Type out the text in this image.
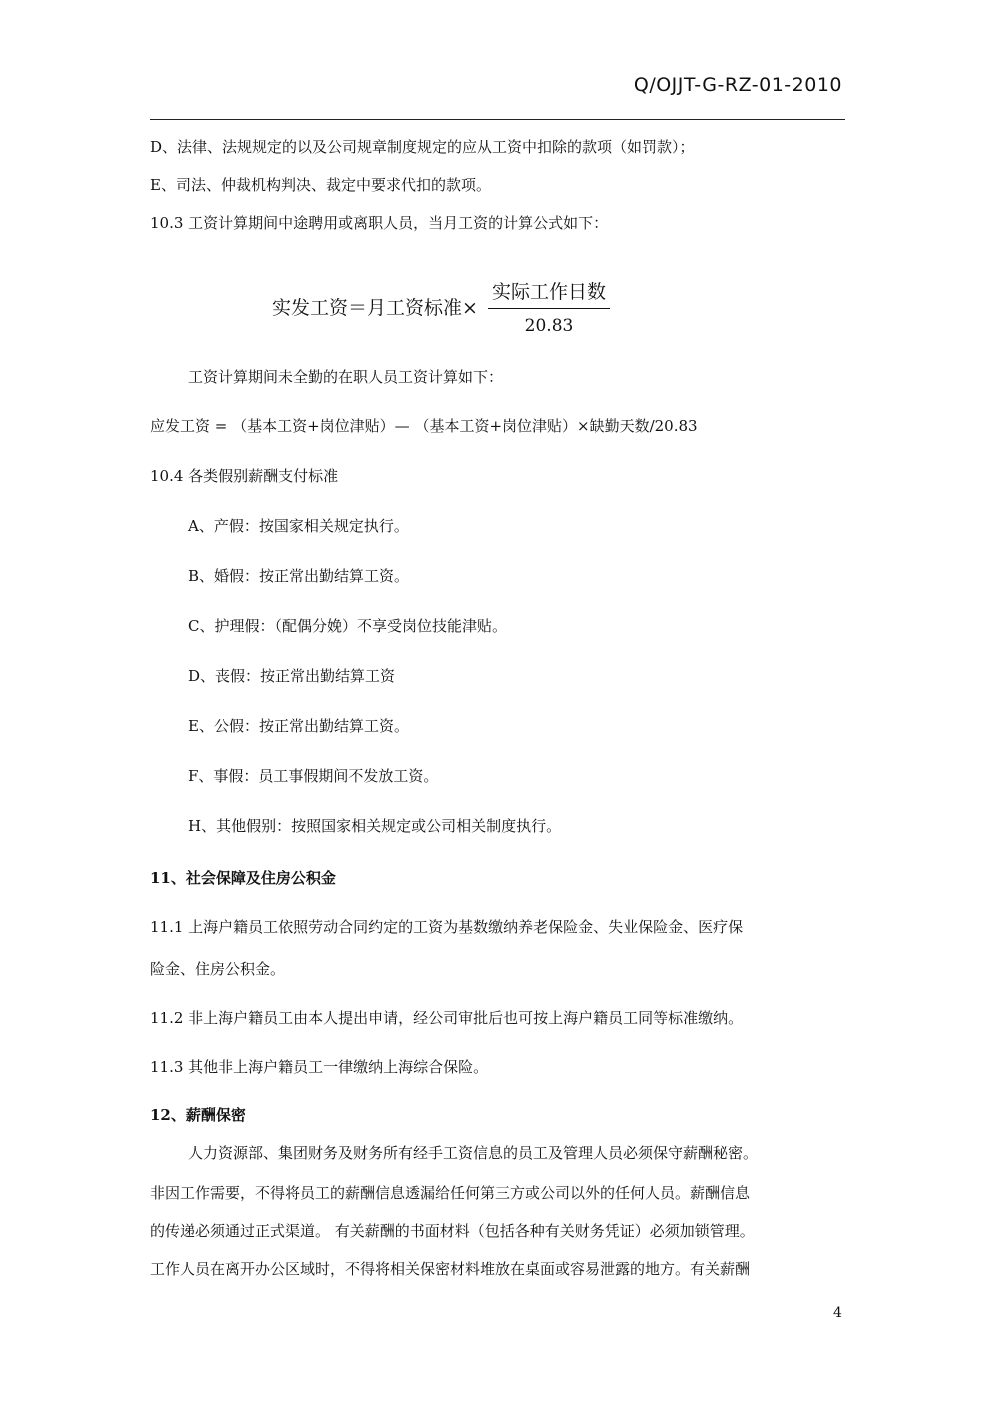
Q/OJJT-G-RZ-01-2010
D、法律、法规规定的以及公司规章制度规定的应从工资中扣除的款项（如罚款）；
E、司法、仲裁机构判决、裁定中要求代扣的款项。
10.3 工资计算期间中途聘用或离职人员，当月工资的计算公式如下：
实发工资＝月工资标准×
实际工作日数
20.83
工资计算期间未全勤的在职人员工资计算如下：
应发工资 = （基本工资+岗位津贴）— （基本工资+岗位津贴）×缺勤天数/20.83
10.4 各类假别薪酬支付标准
A、产假：按国家相关规定执行。
B、婚假：按正常出勤结算工资。
C、护理假：（配偶分娩）不享受岗位技能津贴。
D、丧假：按正常出勤结算工资
E、公假：按正常出勤结算工资。
F、事假：员工事假期间不发放工资。
H、其他假别：按照国家相关规定或公司相关制度执行。
11、社会保障及住房公积金
11.1 上海户籍员工依照劳动合同约定的工资为基数缴纳养老保险金、失业保险金、医疗保
险金、住房公积金。
11.2 非上海户籍员工由本人提出申请，经公司审批后也可按上海户籍员工同等标准缴纳。
11.3 其他非上海户籍员工一律缴纳上海综合保险。
12、薪酬保密
人力资源部、集团财务及财务所有经手工资信息的员工及管理人员必须保守薪酬秘密。
非因工作需要，不得将员工的薪酬信息透漏给任何第三方或公司以外的任何人员。薪酬信息
的传递必须通过正式渠道。 有关薪酬的书面材料（包括各种有关财务凭证）必须加锁管理。
工作人员在离开办公区域时，不得将相关保密材料堆放在桌面或容易泄露的地方。有关薪酬
4
